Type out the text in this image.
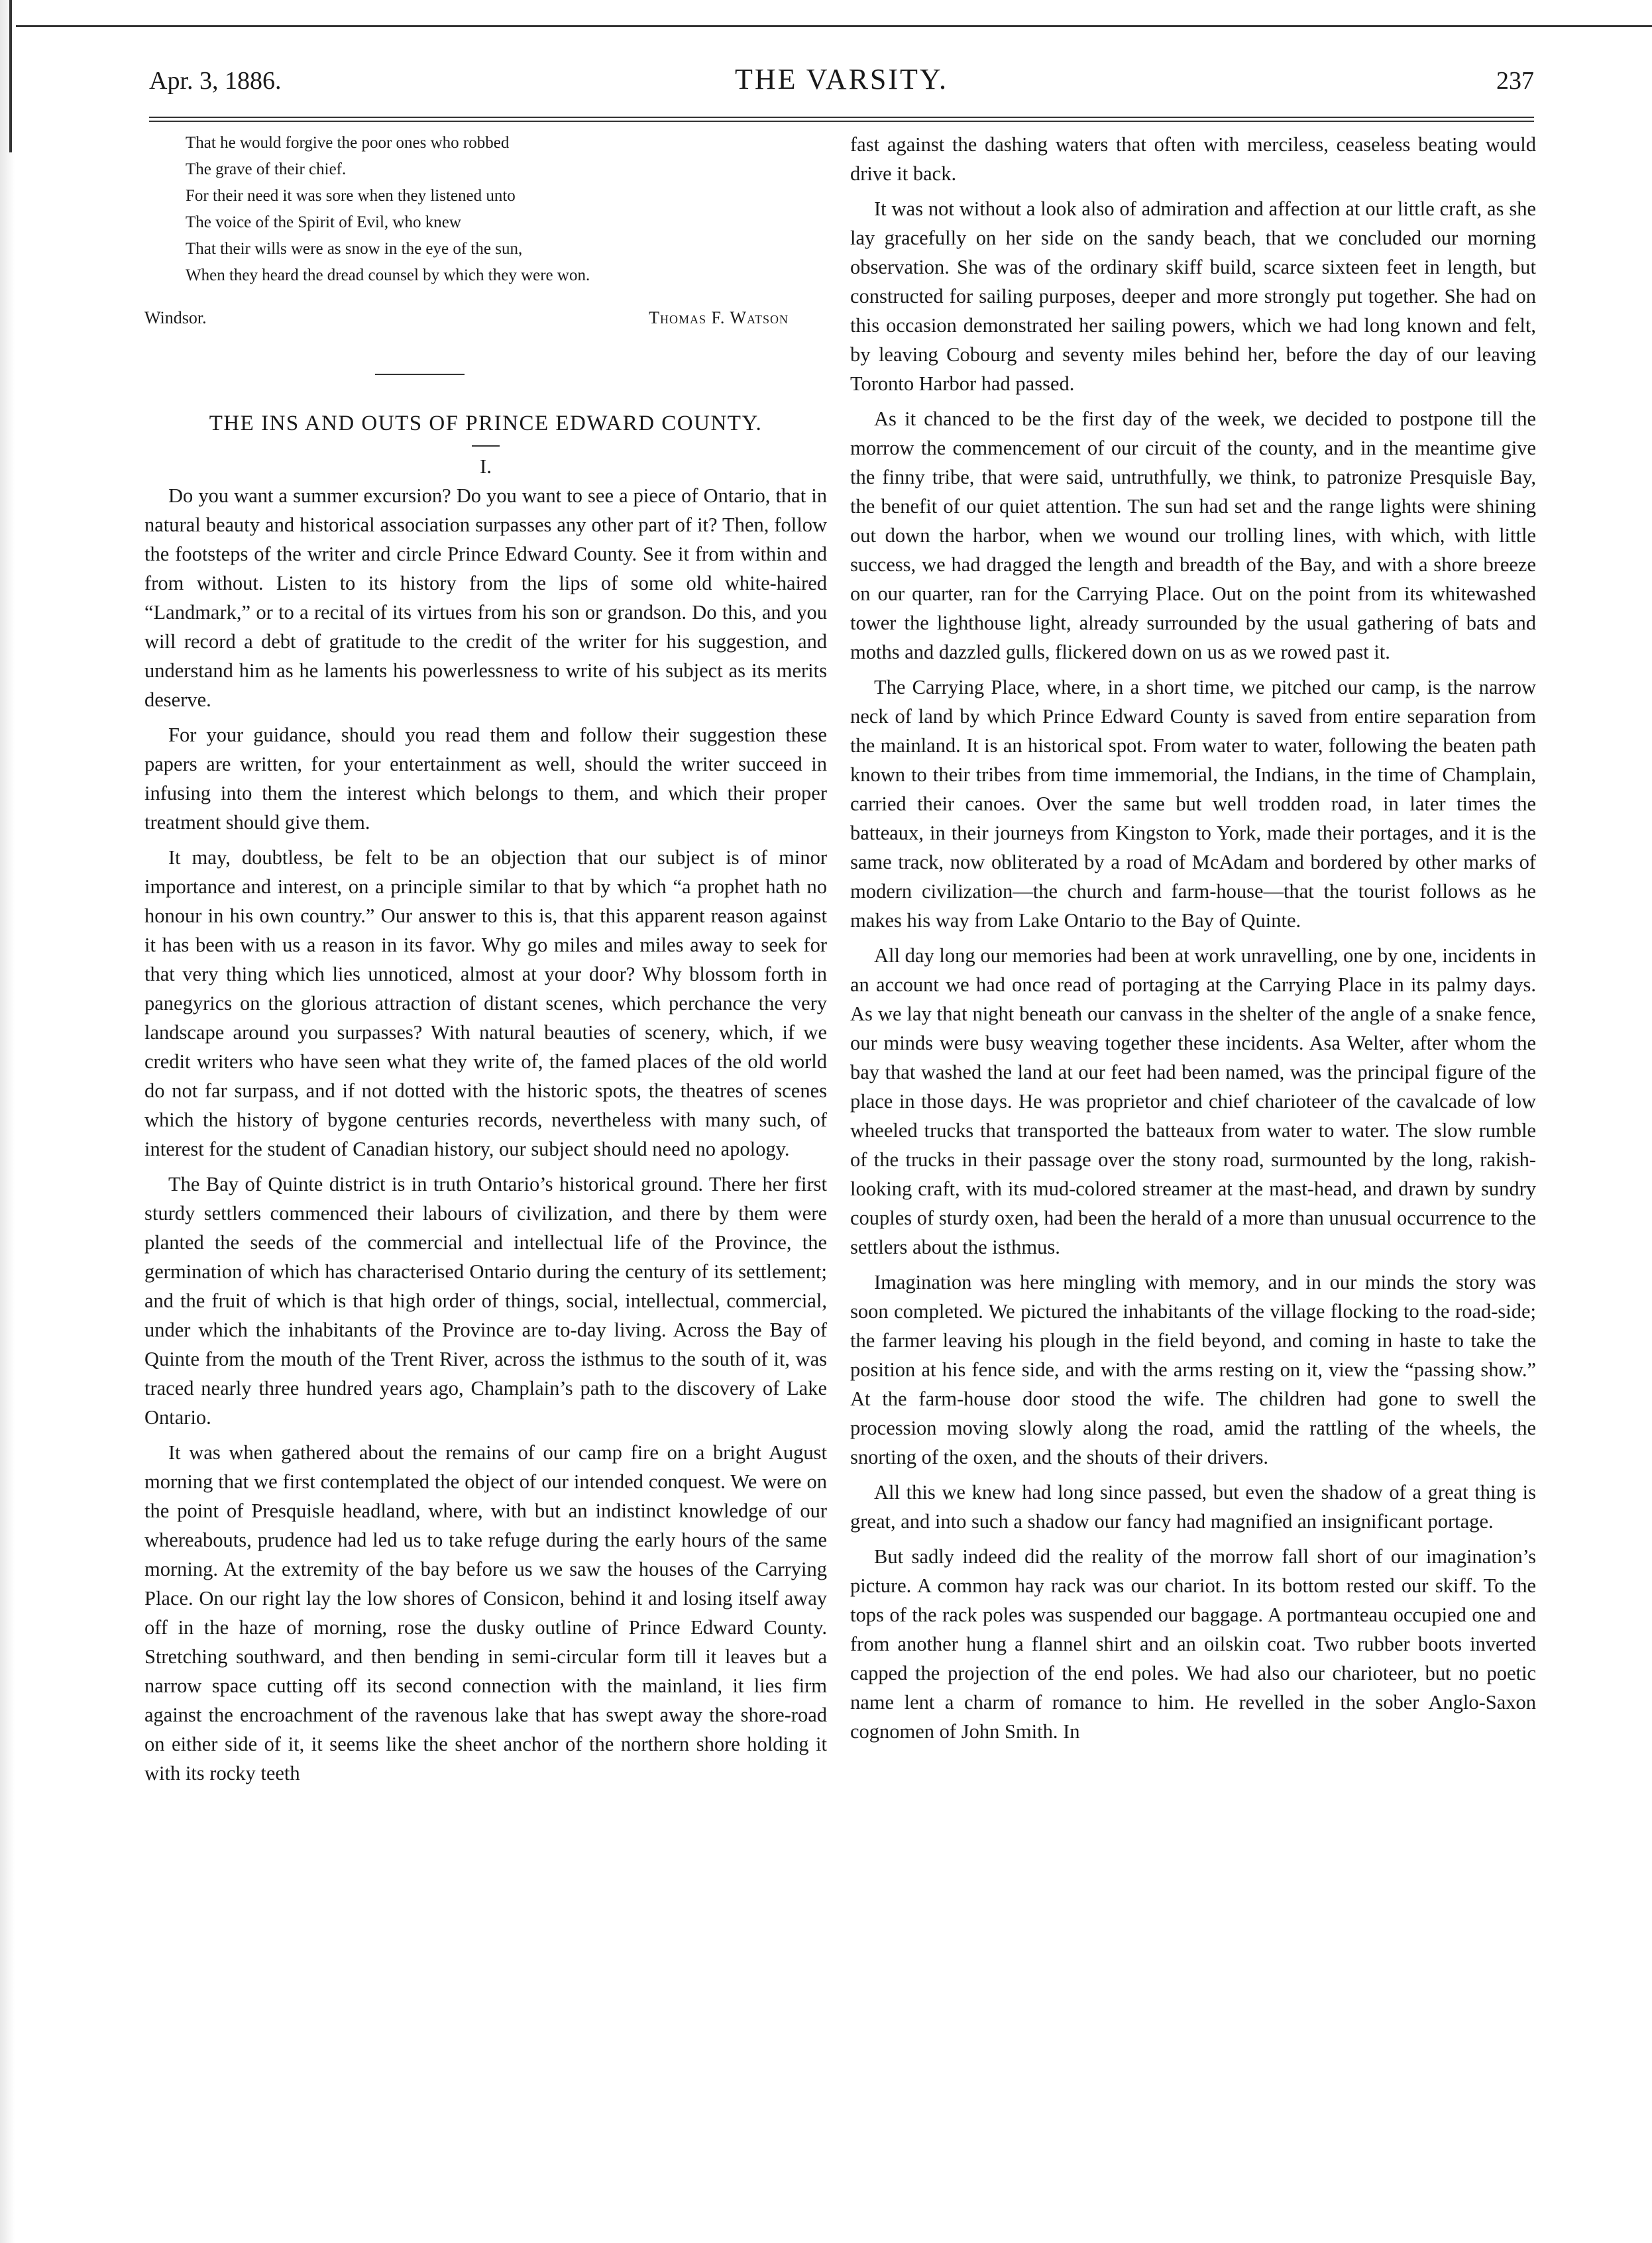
Apr. 3, 1886.	THE VARSITY.	237
That he would forgive the poor ones who robbed
The grave of their chief.
For their need it was sore when they listened unto
The voice of the Spirit of Evil, who knew
That their wills were as snow in the eye of the sun,
When they heard the dread counsel by which they were won.
Windsor.	Thomas F. Watson
THE INS AND OUTS OF PRINCE EDWARD COUNTY.
I.

Do you want a summer excursion? Do you want to see a piece of Ontario, that in natural beauty and historical association surpasses any other part of it? Then, follow the footsteps of the writer and circle Prince Edward County. See it from within and from without. Listen to its history from the lips of some old white-haired “Landmark,” or to a recital of its virtues from his son or grandson. Do this, and you will record a debt of gratitude to the credit of the writer for his suggestion, and understand him as he laments his powerlessness to write of his subject as its merits deserve.

For your guidance, should you read them and follow their suggestion these papers are written, for your entertainment as well, should the writer succeed in infusing into them the interest which belongs to them, and which their proper treatment should give them.

It may, doubtless, be felt to be an objection that our subject is of minor importance and interest, on a principle similar to that by which “a prophet hath no honour in his own country.” Our answer to this is, that this apparent reason against it has been with us a reason in its favor. Why go miles and miles away to seek for that very thing which lies unnoticed, almost at your door? Why blossom forth in panegyrics on the glorious attraction of distant scenes, which perchance the very landscape around you surpasses? With natural beauties of scenery, which, if we credit writers who have seen what they write of, the famed places of the old world do not far surpass, and if not dotted with the historic spots, the theatres of scenes which the history of bygone centuries records, nevertheless with many such, of interest for the student of Canadian history, our subject should need no apology.

The Bay of Quinte district is in truth Ontario’s historical ground. There her first sturdy settlers commenced their labours of civilization, and there by them were planted the seeds of the commercial and intellectual life of the Province, the germination of which has characterised Ontario during the century of its settlement; and the fruit of which is that high order of things, social, intellectual, commercial, under which the inhabitants of the Province are to-day living. Across the Bay of Quinte from the mouth of the Trent River, across the isthmus to the south of it, was traced nearly three hundred years ago, Champlain’s path to the discovery of Lake Ontario.

It was when gathered about the remains of our camp fire on a bright August morning that we first contemplated the object of our intended conquest. We were on the point of Presquisle headland, where, with but an indistinct knowledge of our whereabouts, prudence had led us to take refuge during the early hours of the same morning. At the extremity of the bay before us we saw the houses of the Carrying Place. On our right lay the low shores of Consicon, behind it and losing itself away off in the haze of morning, rose the dusky outline of Prince Edward County. Stretching southward, and then bending in semi-circular form till it leaves but a narrow space cutting off its second connection with the mainland, it lies firm against the encroachment of the ravenous lake that has swept away the shore-road on either side of it, it seems like the sheet anchor of the northern shore holding it with its rocky teeth

fast against the dashing waters that often with merciless, ceaseless beating would drive it back.

It was not without a look also of admiration and affection at our little craft, as she lay gracefully on her side on the sandy beach, that we concluded our morning observation. She was of the ordinary skiff build, scarce sixteen feet in length, but constructed for sailing purposes, deeper and more strongly put together. She had on this occasion demonstrated her sailing powers, which we had long known and felt, by leaving Cobourg and seventy miles behind her, before the day of our leaving Toronto Harbor had passed.

As it chanced to be the first day of the week, we decided to postpone till the morrow the commencement of our circuit of the county, and in the meantime give the finny tribe, that were said, untruthfully, we think, to patronize Presquisle Bay, the benefit of our quiet attention. The sun had set and the range lights were shining out down the harbor, when we wound our trolling lines, with which, with little success, we had dragged the length and breadth of the Bay, and with a shore breeze on our quarter, ran for the Carrying Place. Out on the point from its whitewashed tower the lighthouse light, already surrounded by the usual gathering of bats and moths and dazzled gulls, flickered down on us as we rowed past it.

The Carrying Place, where, in a short time, we pitched our camp, is the narrow neck of land by which Prince Edward County is saved from entire separation from the mainland. It is an historical spot. From water to water, following the beaten path known to their tribes from time immemorial, the Indians, in the time of Champlain, carried their canoes. Over the same but well trodden road, in later times the batteaux, in their journeys from Kingston to York, made their portages, and it is the same track, now obliterated by a road of McAdam and bordered by other marks of modern civilization—the church and farm-house—that the tourist follows as he makes his way from Lake Ontario to the Bay of Quinte.

All day long our memories had been at work unravelling, one by one, incidents in an account we had once read of portaging at the Carrying Place in its palmy days. As we lay that night beneath our canvass in the shelter of the angle of a snake fence, our minds were busy weaving together these incidents. Asa Welter, after whom the bay that washed the land at our feet had been named, was the principal figure of the place in those days. He was proprietor and chief charioteer of the cavalcade of low wheeled trucks that transported the batteaux from water to water. The slow rumble of the trucks in their passage over the stony road, surmounted by the long, rakish-looking craft, with its mud-colored streamer at the mast-head, and drawn by sundry couples of sturdy oxen, had been the herald of a more than unusual occurrence to the settlers about the isthmus.

Imagination was here mingling with memory, and in our minds the story was soon completed. We pictured the inhabitants of the village flocking to the road-side; the farmer leaving his plough in the field beyond, and coming in haste to take the position at his fence side, and with the arms resting on it, view the “passing show.” At the farm-house door stood the wife. The children had gone to swell the procession moving slowly along the road, amid the rattling of the wheels, the snorting of the oxen, and the shouts of their drivers.

All this we knew had long since passed, but even the shadow of a great thing is great, and into such a shadow our fancy had magnified an insignificant portage.

But sadly indeed did the reality of the morrow fall short of our imagination’s picture. A common hay rack was our chariot. In its bottom rested our skiff. To the tops of the rack poles was suspended our baggage. A portmanteau occupied one and from another hung a flannel shirt and an oilskin coat. Two rubber boots inverted capped the projection of the end poles. We had also our charioteer, but no poetic name lent a charm of romance to him. He revelled in the sober Anglo-Saxon cognomen of John Smith. In
